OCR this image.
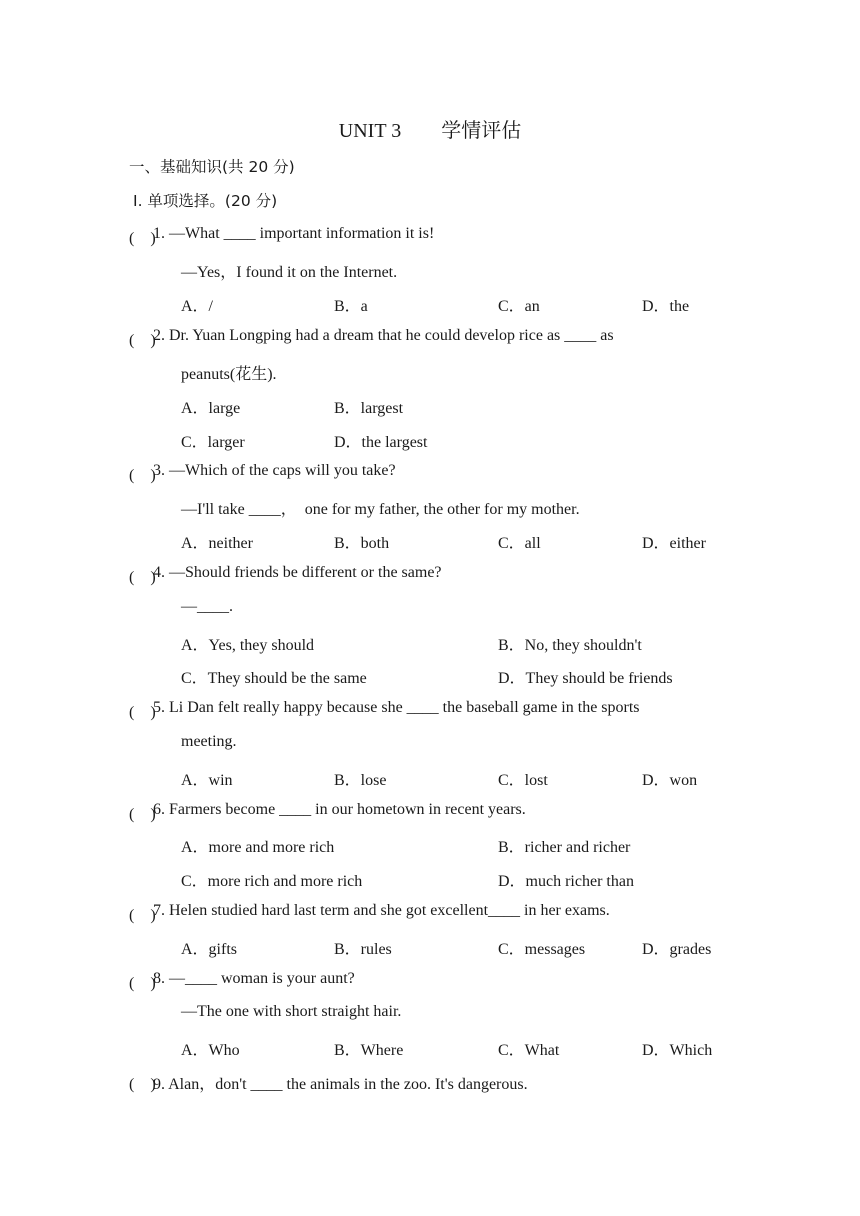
UNIT 3　　学情评估
一、基础知识(共 20 分)
Ⅰ. 单项选择。(20 分)
(　)
1. —What ____ important information it is!
—Yes，I found it on the Internet.
A．/	B．a	C．an	D．the
(　)
2. Dr. Yuan Longping had a dream that he could develop rice as ____ as
peanuts(花生).
A．large	B．largest
C．larger	D．the largest
(　)
3. —Which of the caps will you take?
—I'll take ____，  one for my father, the other for my mother.
A．neither	B．both	C．all	D．either
(　)
4. —Should friends be different or the same?
—____.
A．Yes, they should	B．No, they shouldn't
C．They should be the same	D．They should be friends
(　)
5. Li Dan felt really happy because she ____ the baseball game in the sports
meeting.
A．win	B．lose	C．lost	D．won
(　)
6. Farmers become ____ in our hometown in recent years.
A．more and more rich	B．richer and richer
C．more rich and more rich	D．much richer than
(　)
7. Helen studied hard last term and she got excellent____ in her exams.
A．gifts	B．rules	C．messages	D．grades
(　)
8. —____ woman is your aunt?
—The one with short straight hair.
A．Who	B．Where	C．What	D．Which
(　)
9. Alan，don't ____ the animals in the zoo. It's dangerous.
